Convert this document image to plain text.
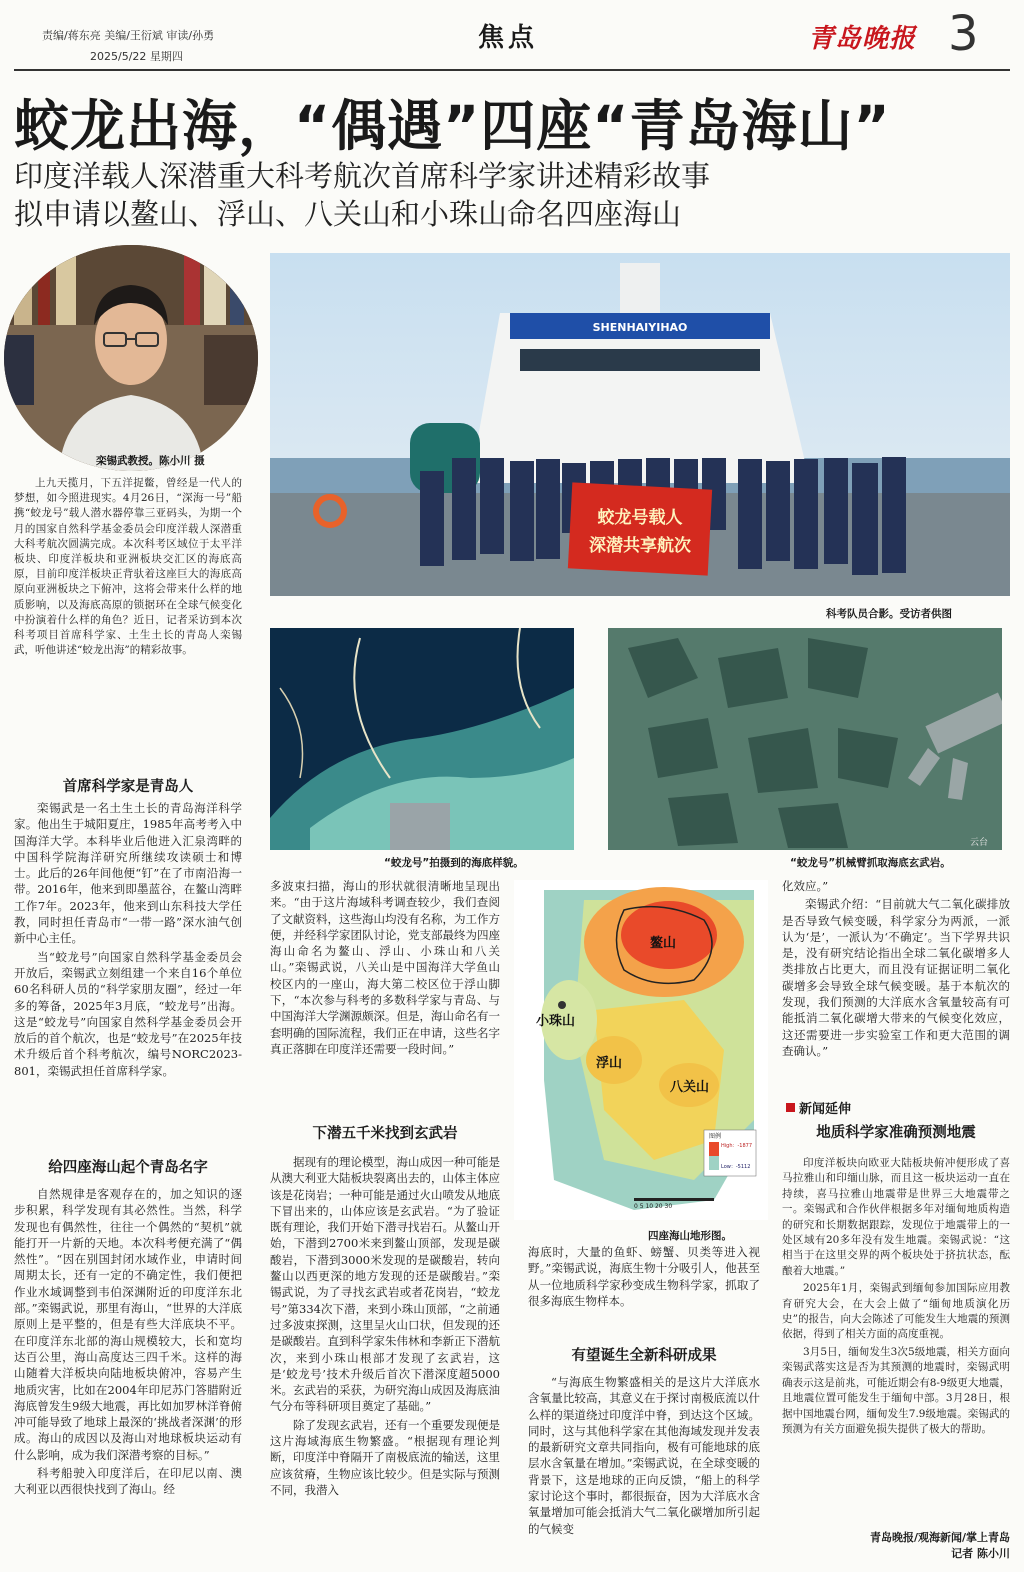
责编/蒋东亮 美编/王衍斌 审读/孙勇
2025/5/22 星期四
焦点	青岛晚报 3
蛟龙出海，“偶遇”四座“青岛海山”
印度洋载人深潜重大科考航次首席科学家讲述精彩故事
拟申请以鳌山、浮山、八关山和小珠山命名四座海山
栾锡武教授。陈小川 摄
SHENHAIYIHAO
蛟龙号载人
深潜共享航次
科考队员合影。受访者供图
“蛟龙号”拍摄到的海底样貌。
云台
“蛟龙号”机械臂抓取海底玄武岩。
鳌山
小珠山
浮山
八关山
图例
High：-1877
Low：-5112
0 5 10 20 30
四座海山地形图。

上九天揽月，下五洋捉鳖，曾经是一代人的梦想，如今照进现实。4月26日，“深海一号”船携“蛟龙号”载人潜水器停靠三亚码头，为期一个月的国家自然科学基金委员会印度洋载人深潜重大科考航次圆满完成。本次科考区域位于太平洋板块、印度洋板块和亚洲板块交汇区的海底高原，目前印度洋板块正背驮着这座巨大的海底高原向亚洲板块之下俯冲，这将会带来什么样的地质影响，以及海底高原的锁据环在全球气候变化中扮演着什么样的角色？近日，记者采访到本次科考项目首席科学家、土生土长的青岛人栾锡武，听他讲述“蛟龙出海”的精彩故事。

首席科学家是青岛人

栾锡武是一名土生土长的青岛海洋科学家。他出生于城阳夏庄，1985年高考考入中国海洋大学。本科毕业后他进入汇泉湾畔的中国科学院海洋研究所继续攻读硕士和博士。此后的26年间他便“钉”在了市南沿海一带。2016年，他来到即墨蓝谷，在鳌山湾畔工作7年。2023年，他来到山东科技大学任教，同时担任青岛市“一带一路”深水油气创新中心主任。

当“蛟龙号”向国家自然科学基金委员会开放后，栾锡武立刻组建一个来自16个单位60名科研人员的“科学家朋友圈”，经过一年多的筹备，2025年3月底，“蛟龙号”出海。这是“蛟龙号”向国家自然科学基金委员会开放后的首个航次，也是“蛟龙号”在2025年技术升级后首个科考航次，编号NORC2023-801，栾锡武担任首席科学家。

给四座海山起个青岛名字

自然规律是客观存在的，加之知识的逐步积累，科学发现有其必然性。当然，科学发现也有偶然性，往往一个偶然的“契机”就能打开一片新的天地。本次科考便充满了“偶然性”。“因在别国封闭水域作业，申请时间周期太长，还有一定的不确定性，我们便把作业水域调整到韦伯深渊附近的印度洋东北部。”栾锡武说，那里有海山，“世界的大洋底原则上是平整的，但是有些大洋底块不平。在印度洋东北部的海山规模较大，长和宽均达百公里，海山高度达三四千米。这样的海山随着大洋板块向陆地板块俯冲，容易产生地质灾害，比如在2004年印尼苏门答腊附近海底曾发生9级大地震，再比如加罗林洋脊俯冲可能导致了地球上最深的‘挑战者深渊’的形成。海山的成因以及海山对地球板块运动有什么影响，成为我们深潜考察的目标。”

科考船驶入印度洋后，在印尼以南、澳大利亚以西很快找到了海山。经

多波束扫描，海山的形状就很清晰地呈现出来。“由于这片海域科考调查较少，我们查阅了文献资料，这些海山均没有名称，为工作方便，并经科学家团队讨论，党支部最终为四座海山命名为鳌山、浮山、小珠山和八关山。”栾锡武说，八关山是中国海洋大学鱼山校区内的一座山，海大第二校区位于浮山脚下，“本次参与科考的多数科学家与青岛、与中国海洋大学渊源颇深。但是，海山命名有一套明确的国际流程，我们正在申请，这些名字真正落脚在印度洋还需要一段时间。”

下潜五千米找到玄武岩

据现有的理论模型，海山成因一种可能是从澳大利亚大陆板块裂离出去的，山体主体应该是花岗岩；一种可能是通过火山喷发从地底下冒出来的，山体应该是玄武岩。“为了验证既有理论，我们开始下潜寻找岩石。从鳌山开始，下潜到2700米来到鳌山顶部，发现是碳酸岩，下潜到3000米发现的是碳酸岩，转向鳌山以西更深的地方发现的还是碳酸岩。”栾锡武说，为了寻找玄武岩或者花岗岩，“蛟龙号”第334次下潜，来到小珠山顶部，“之前通过多波束探测，这里呈火山口状，但发现的还是碳酸岩。直到科学家朱伟林和李新正下潜航次，来到小珠山根部才发现了玄武岩，这是‘蛟龙号’技术升级后首次下潜深度超5000米。玄武岩的采获，为研究海山成因及海底油气分布等科研项目奠定了基础。”

除了发现玄武岩，还有一个重要发现便是这片海域海底生物繁盛。“根据现有理论判断，印度洋中脊隔开了南极底流的输送，这里应该贫瘠，生物应该比较少。但是实际与预测不同，我潜入

海底时，大量的鱼虾、螃蟹、贝类等进入视野。”栾锡武说，海底生物十分吸引人，他甚至从一位地质科学家秒变成生物科学家，抓取了很多海底生物样本。

有望诞生全新科研成果

“与海底生物繁盛相关的是这片大洋底水含氧量比较高，其意义在于探讨南极底流以什么样的渠道绕过印度洋中脊，到达这个区域。同时，这与其他科学家在其他海域发现并发表的最新研究文章共同指向，极有可能地球的底层水含氧量在增加。”栾锡武说，在全球变暖的背景下，这是地球的正向反馈，“船上的科学家讨论这个事时，都很振奋，因为大洋底水含氧量增加可能会抵消大气二氧化碳增加所引起的气候变

化效应。”

栾锡武介绍：“目前就大气二氧化碳排放是否导致气候变暖，科学家分为两派，一派认为‘是’，一派认为‘不确定’。当下学界共识是，没有研究结论指出全球二氧化碳增多人类排放占比更大，而且没有证据证明二氧化碳增多会导致全球气候变暖。基于本航次的发现，我们预测的大洋底水含氧量较高有可能抵消二氧化碳增大带来的气候变化效应，这还需要进一步实验室工作和更大范围的调查确认。”

新闻延伸
地质科学家准确预测地震

印度洋板块向欧亚大陆板块俯冲便形成了喜马拉雅山和印缅山脉，而且这一板块运动一直在持续，喜马拉雅山地震带是世界三大地震带之一。栾锡武和合作伙伴根据多年对缅甸地质构造的研究和长期数据跟踪，发现位于地震带上的一处区域有20多年没有发生地震。栾锡武说：“这相当于在这里交界的两个板块处于挤抗状态，酝酿着大地震。”

2025年1月，栾锡武到缅甸参加国际应用教育研究大会，在大会上做了“缅甸地质演化历史”的报告，向大会陈述了可能发生大地震的预测依据，得到了相关方面的高度重视。

3月5日，缅甸发生3次5级地震，相关方面向栾锡武落实这是否为其预测的地震时，栾锡武明确表示这是前兆，可能近期会有8-9级更大地震，且地震位置可能发生于缅甸中部。3月28日，根据中国地震台网，缅甸发生7.9级地震。栾锡武的预测为有关方面避免损失提供了极大的帮助。

青岛晚报/观海新闻/掌上青岛
记者 陈小川
